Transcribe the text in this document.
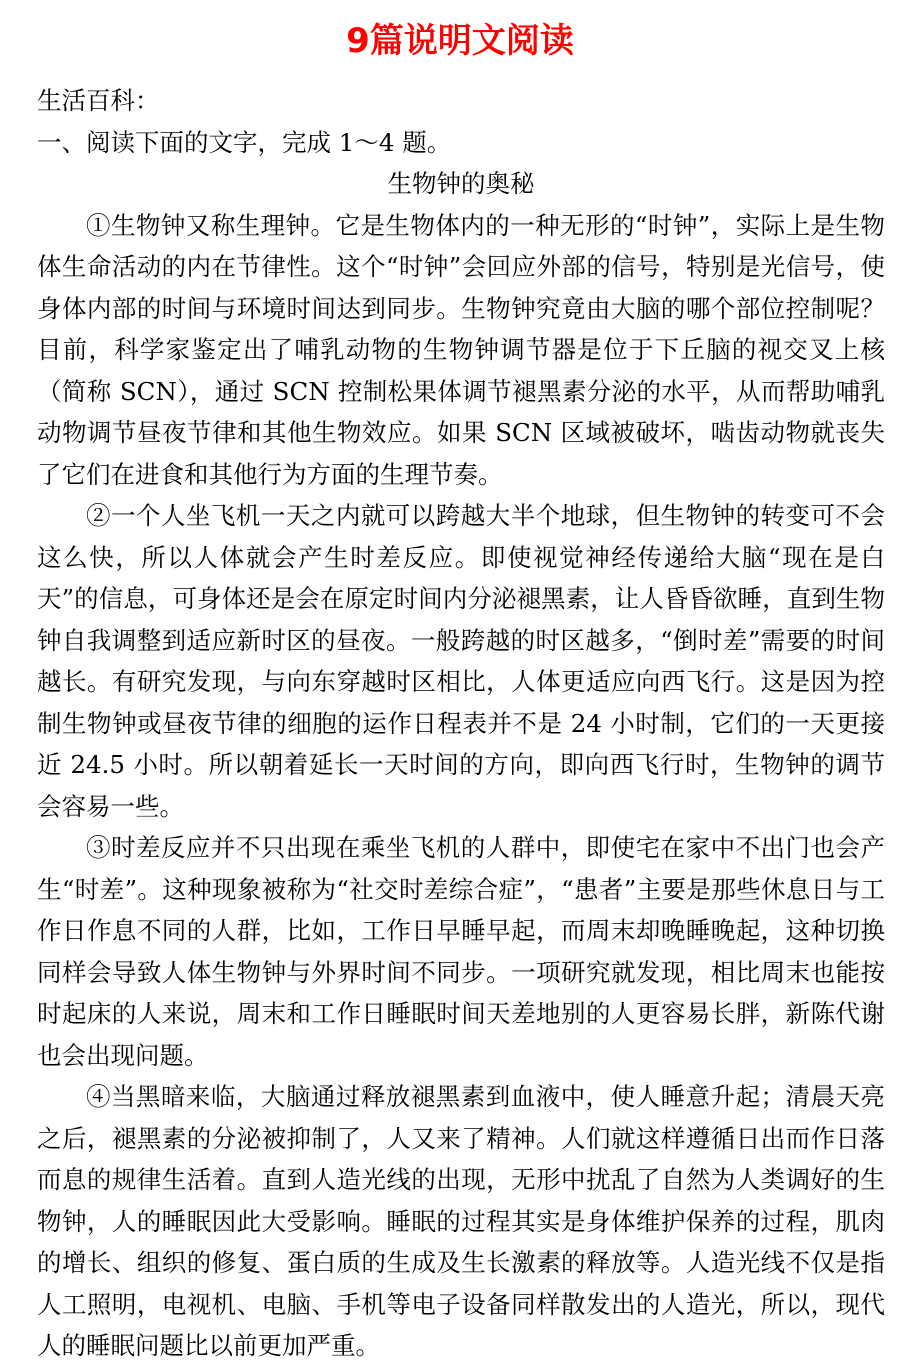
9篇说明文阅读

生活百科：

一、阅读下面的文字，完成 1～4 题。

生物钟的奥秘

①生物钟又称生理钟。它是生物体内的一种无形的“时钟”，实际上是生物体生命活动的内在节律性。这个“时钟”会回应外部的信号，特别是光信号，使身体内部的时间与环境时间达到同步。生物钟究竟由大脑的哪个部位控制呢？目前，科学家鉴定出了哺乳动物的生物钟调节器是位于下丘脑的视交叉上核（简称 SCN），通过 SCN 控制松果体调节褪黑素分泌的水平，从而帮助哺乳动物调节昼夜节律和其他生物效应。如果 SCN 区域被破坏，啮齿动物就丧失了它们在进食和其他行为方面的生理节奏。

②一个人坐飞机一天之内就可以跨越大半个地球，但生物钟的转变可不会这么快，所以人体就会产生时差反应。即使视觉神经传递给大脑“现在是白天”的信息，可身体还是会在原定时间内分泌褪黑素，让人昏昏欲睡，直到生物钟自我调整到适应新时区的昼夜。一般跨越的时区越多，“倒时差”需要的时间越长。有研究发现，与向东穿越时区相比，人体更适应向西飞行。这是因为控制生物钟或昼夜节律的细胞的运作日程表并不是 24 小时制，它们的一天更接近 24.5 小时。所以朝着延长一天时间的方向，即向西飞行时，生物钟的调节会容易一些。

③时差反应并不只出现在乘坐飞机的人群中，即使宅在家中不出门也会产生“时差”。这种现象被称为“社交时差综合症”，“患者”主要是那些休息日与工作日作息不同的人群，比如，工作日早睡早起，而周末却晚睡晚起，这种切换同样会导致人体生物钟与外界时间不同步。一项研究就发现，相比周末也能按时起床的人来说，周末和工作日睡眠时间天差地别的人更容易长胖，新陈代谢也会出现问题。

④当黑暗来临，大脑通过释放褪黑素到血液中，使人睡意升起；清晨天亮之后，褪黑素的分泌被抑制了，人又来了精神。人们就这样遵循日出而作日落而息的规律生活着。直到人造光线的出现，无形中扰乱了自然为人类调好的生物钟，人的睡眠因此大受影响。睡眠的过程其实是身体维护保养的过程，肌肉的增长、组织的修复、蛋白质的生成及生长激素的释放等。人造光线不仅是指人工照明，电视机、电脑、手机等电子设备同样散发出的人造光，所以，现代人的睡眠问题比以前更加严重。
